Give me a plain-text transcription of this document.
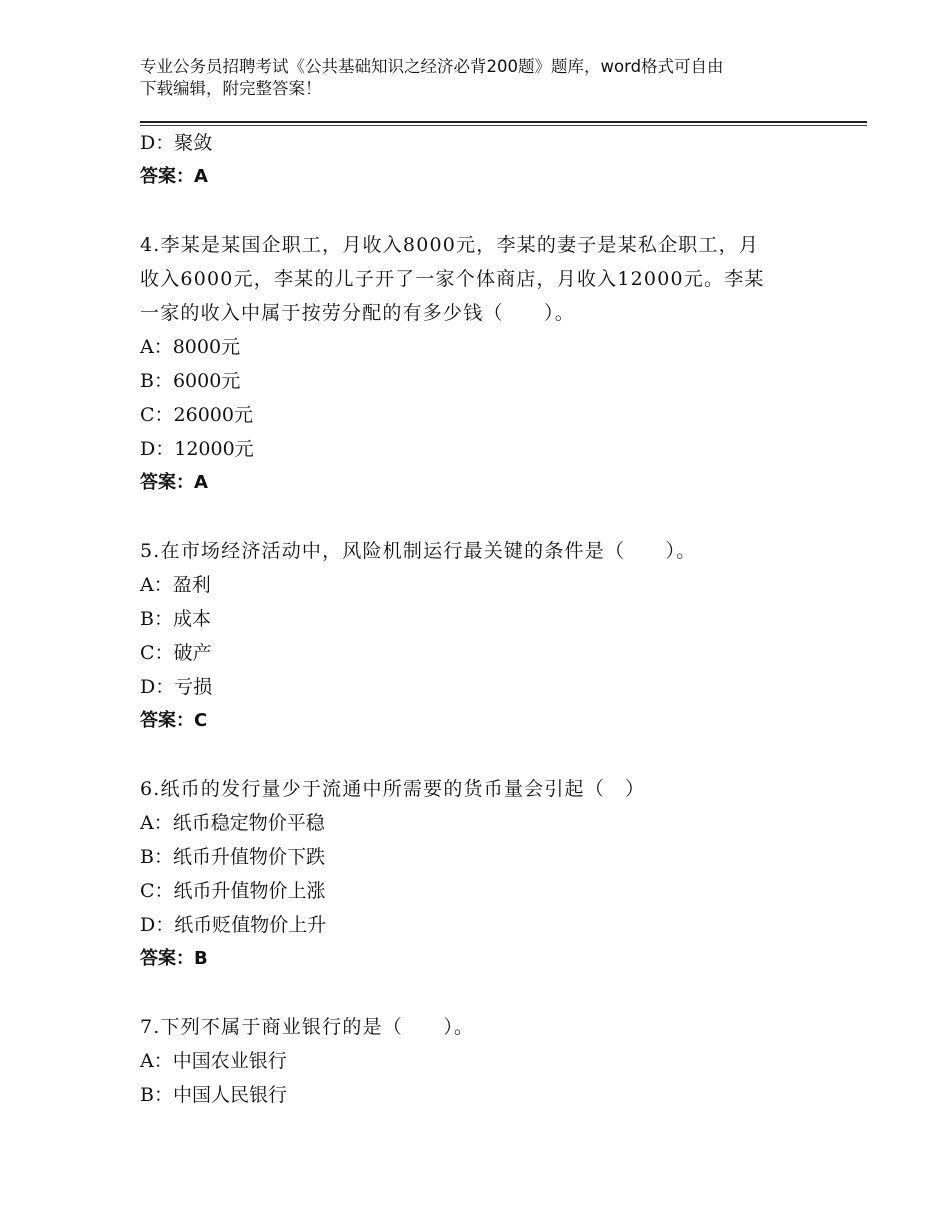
专业公务员招聘考试《公共基础知识之经济必背200题》题库，word格式可自由
下载编辑，附完整答案！
D：聚敛
答案：A
4.李某是某国企职工，月收入8000元，李某的妻子是某私企职工，月
收入6000元，李某的儿子开了一家个体商店，月收入12000元。李某
一家的收入中属于按劳分配的有多少钱（　　）。
A：8000元
B：6000元
C：26000元
D：12000元
答案：A
5.在市场经济活动中，风险机制运行最关键的条件是（　　）。
A：盈利
B：成本
C：破产
D：亏损
答案：C
6.纸币的发行量少于流通中所需要的货币量会引起（　）
A：纸币稳定物价平稳
B：纸币升值物价下跌
C：纸币升值物价上涨
D：纸币贬值物价上升
答案：B
7.下列不属于商业银行的是（　　）。
A：中国农业银行
B：中国人民银行
